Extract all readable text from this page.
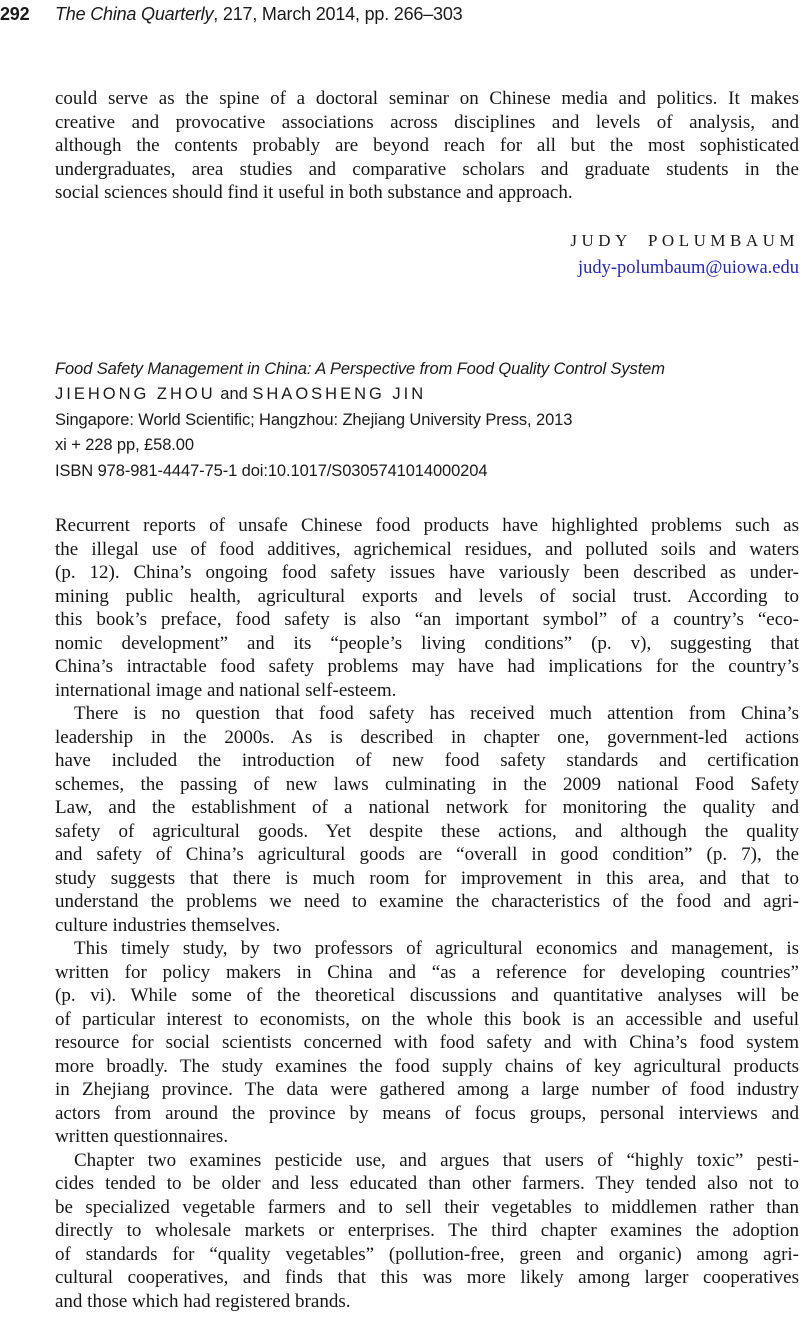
292	The China Quarterly, 217, March 2014, pp. 266–303
could serve as the spine of a doctoral seminar on Chinese media and politics. It makes
creative and provocative associations across disciplines and levels of analysis, and
although the contents probably are beyond reach for all but the most sophisticated
undergraduates, area studies and comparative scholars and graduate students in the
social sciences should find it useful in both substance and approach.
JUDY POLUMBAUM
judy-polumbaum@uiowa.edu
Food Safety Management in China: A Perspective from Food Quality Control System
JIEHONG ZHOU and SHAOSHENG JIN
Singapore: World Scientific; Hangzhou: Zhejiang University Press, 2013
xi + 228 pp, £58.00
ISBN 978-981-4447-75-1 doi:10.1017/S0305741014000204
Recurrent reports of unsafe Chinese food products have highlighted problems such as
the illegal use of food additives, agrichemical residues, and polluted soils and waters
(p. 12). China’s ongoing food safety issues have variously been described as under-
mining public health, agricultural exports and levels of social trust. According to
this book’s preface, food safety is also “an important symbol” of a country’s “eco-
nomic development” and its “people’s living conditions” (p. v), suggesting that
China’s intractable food safety problems may have had implications for the country’s
international image and national self-esteem.
There is no question that food safety has received much attention from China’s
leadership in the 2000s. As is described in chapter one, government-led actions
have included the introduction of new food safety standards and certification
schemes, the passing of new laws culminating in the 2009 national Food Safety
Law, and the establishment of a national network for monitoring the quality and
safety of agricultural goods. Yet despite these actions, and although the quality
and safety of China’s agricultural goods are “overall in good condition” (p. 7), the
study suggests that there is much room for improvement in this area, and that to
understand the problems we need to examine the characteristics of the food and agri-
culture industries themselves.
This timely study, by two professors of agricultural economics and management, is
written for policy makers in China and “as a reference for developing countries”
(p. vi). While some of the theoretical discussions and quantitative analyses will be
of particular interest to economists, on the whole this book is an accessible and useful
resource for social scientists concerned with food safety and with China’s food system
more broadly. The study examines the food supply chains of key agricultural products
in Zhejiang province. The data were gathered among a large number of food industry
actors from around the province by means of focus groups, personal interviews and
written questionnaires.
Chapter two examines pesticide use, and argues that users of “highly toxic” pesti-
cides tended to be older and less educated than other farmers. They tended also not to
be specialized vegetable farmers and to sell their vegetables to middlemen rather than
directly to wholesale markets or enterprises. The third chapter examines the adoption
of standards for “quality vegetables” (pollution-free, green and organic) among agri-
cultural cooperatives, and finds that this was more likely among larger cooperatives
and those which had registered brands.
